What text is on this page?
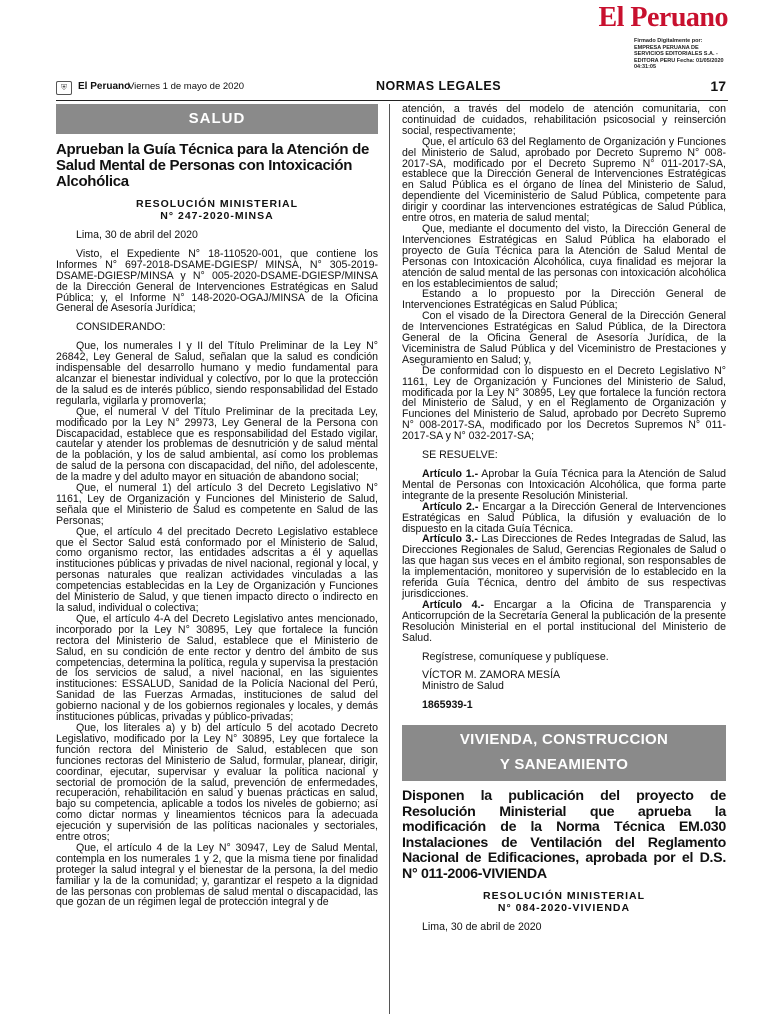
El Peruano
Firmado Digitalmente por: EMPRESA PERUANA DE SERVICIOS EDITORIALES S.A. - EDITORA PERU Fecha: 01/05/2020 04:31:05
⛨	El Peruano
Viernes 1 de mayo de 2020	NORMAS LEGALES	17
SALUD
Aprueban la Guía Técnica para la Atención de Salud Mental de Personas con Intoxicación Alcohólica
RESOLUCIÓN MINISTERIAL
N° 247-2020-MINSA

Lima, 30 de abril del 2020

Visto, el Expediente N° 18-110520-001, que contiene los Informes N° 697-2018-DSAME-DGIESP/ MINSA, N° 305-2019-DSAME-DGIESP/MINSA y N° 005-2020-DSAME-DGIESP/MINSA de la Dirección General de Intervenciones Estratégicas en Salud Pública; y, el Informe N° 148-2020-OGAJ/MINSA de la Oficina General de Asesoría Jurídica;

CONSIDERANDO:

Que, los numerales I y II del Título Preliminar de la Ley N° 26842, Ley General de Salud, señalan que la salud es condición indispensable del desarrollo humano y medio fundamental para alcanzar el bienestar individual y colectivo, por lo que la protección de la salud es de interés público, siendo responsabilidad del Estado regularla, vigilarla y promoverla;

Que, el numeral V del Título Preliminar de la precitada Ley, modificado por la Ley N° 29973, Ley General de la Persona con Discapacidad, establece que es responsabilidad del Estado vigilar, cautelar y atender los problemas de desnutrición y de salud mental de la población, y los de salud ambiental, así como los problemas de salud de la persona con discapacidad, del niño, del adolescente, de la madre y del adulto mayor en situación de abandono social;

Que, el numeral 1) del artículo 3 del Decreto Legislativo N° 1161, Ley de Organización y Funciones del Ministerio de Salud, señala que el Ministerio de Salud es competente en Salud de las Personas;

Que, el artículo 4 del precitado Decreto Legislativo establece que el Sector Salud está conformado por el Ministerio de Salud, como organismo rector, las entidades adscritas a él y aquellas instituciones públicas y privadas de nivel nacional, regional y local, y personas naturales que realizan actividades vinculadas a las competencias establecidas en la Ley de Organización y Funciones del Ministerio de Salud, y que tienen impacto directo o indirecto en la salud, individual o colectiva;

Que, el artículo 4-A del Decreto Legislativo antes mencionado, incorporado por la Ley N° 30895, Ley que fortalece la función rectora del Ministerio de Salud, establece que el Ministerio de Salud, en su condición de ente rector y dentro del ámbito de sus competencias, determina la política, regula y supervisa la prestación de los servicios de salud, a nivel nacional, en las siguientes instituciones: ESSALUD, Sanidad de la Policía Nacional del Perú, Sanidad de las Fuerzas Armadas, instituciones de salud del gobierno nacional y de los gobiernos regionales y locales, y demás instituciones públicas, privadas y público-privadas;

Que, los literales a) y b) del artículo 5 del acotado Decreto Legislativo, modificado por la Ley N° 30895, Ley que fortalece la función rectora del Ministerio de Salud, establecen que son funciones rectoras del Ministerio de Salud, formular, planear, dirigir, coordinar, ejecutar, supervisar y evaluar la política nacional y sectorial de promoción de la salud, prevención de enfermedades, recuperación, rehabilitación en salud y buenas prácticas en salud, bajo su competencia, aplicable a todos los niveles de gobierno; así como dictar normas y lineamientos técnicos para la adecuada ejecución y supervisión de las políticas nacionales y sectoriales, entre otros;

Que, el artículo 4 de la Ley N° 30947, Ley de Salud Mental, contempla en los numerales 1 y 2, que la misma tiene por finalidad proteger la salud integral y el bienestar de la persona, la del medio familiar y la de la comunidad; y, garantizar el respeto a la dignidad de las personas con problemas de salud mental o discapacidad, las que gozan de un régimen legal de protección integral y de

atención, a través del modelo de atención comunitaria, con continuidad de cuidados, rehabilitación psicosocial y reinserción social, respectivamente;

Que, el artículo 63 del Reglamento de Organización y Funciones del Ministerio de Salud, aprobado por Decreto Supremo N° 008-2017-SA, modificado por el Decreto Supremo N° 011-2017-SA, establece que la Dirección General de Intervenciones Estratégicas en Salud Pública es el órgano de línea del Ministerio de Salud, dependiente del Viceministerio de Salud Pública, competente para dirigir y coordinar las intervenciones estratégicas de Salud Pública, entre otros, en materia de salud mental;

Que, mediante el documento del visto, la Dirección General de Intervenciones Estratégicas en Salud Pública ha elaborado el proyecto de Guía Técnica para la Atención de Salud Mental de Personas con Intoxicación Alcohólica, cuya finalidad es mejorar la atención de salud mental de las personas con intoxicación alcohólica en los establecimientos de salud;

Estando a lo propuesto por la Dirección General de Intervenciones Estratégicas en Salud Pública;

Con el visado de la Directora General de la Dirección General de Intervenciones Estratégicas en Salud Pública, de la Directora General de la Oficina General de Asesoría Jurídica, de la Viceministra de Salud Pública y del Viceministro de Prestaciones y Aseguramiento en Salud; y,

De conformidad con lo dispuesto en el Decreto Legislativo N° 1161, Ley de Organización y Funciones del Ministerio de Salud, modificada por la Ley N° 30895, Ley que fortalece la función rectora del Ministerio de Salud, y en el Reglamento de Organización y Funciones del Ministerio de Salud, aprobado por Decreto Supremo N° 008-2017-SA, modificado por los Decretos Supremos N° 011-2017-SA y N° 032-2017-SA;

SE RESUELVE:

Artículo 1.- Aprobar la Guía Técnica para la Atención de Salud Mental de Personas con Intoxicación Alcohólica, que forma parte integrante de la presente Resolución Ministerial.

Artículo 2.- Encargar a la Dirección General de Intervenciones Estratégicas en Salud Pública, la difusión y evaluación de lo dispuesto en la citada Guía Técnica.

Artículo 3.- Las Direcciones de Redes Integradas de Salud, las Direcciones Regionales de Salud, Gerencias Regionales de Salud o las que hagan sus veces en el ámbito regional, son responsables de la implementación, monitoreo y supervisión de lo establecido en la referida Guía Técnica, dentro del ámbito de sus respectivas jurisdicciones.

Artículo 4.- Encargar a la Oficina de Transparencia y Anticorrupción de la Secretaría General la publicación de la presente Resolución Ministerial en el portal institucional del Ministerio de Salud.

Regístrese, comuníquese y publíquese.

VÍCTOR M. ZAMORA MESÍA

Ministro de Salud

1865939-1

VIVIENDA, CONSTRUCCION
Y SANEAMIENTO
Disponen la publicación del proyecto de Resolución Ministerial que aprueba la modificación de la Norma Técnica EM.030 Instalaciones de Ventilación del Reglamento Nacional de Edificaciones, aprobada por el D.S. N° 011-2006-VIVIENDA
RESOLUCIÓN MINISTERIAL
N° 084-2020-VIVIENDA

Lima, 30 de abril de 2020
